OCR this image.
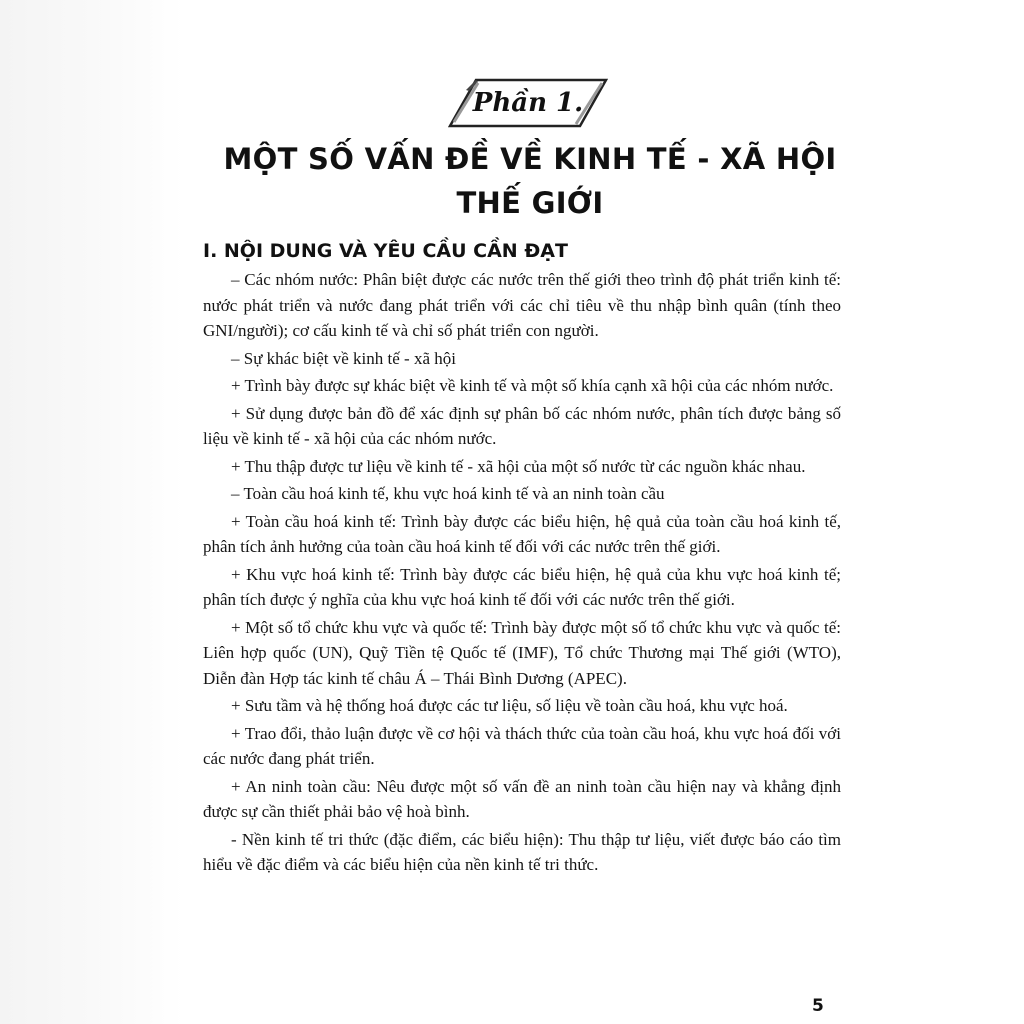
Phần 1.
MỘT SỐ VẤN ĐỀ VỀ KINH TẾ - XÃ HỘI
THẾ GIỚI
I. NỘI DUNG VÀ YÊU CẦU CẦN ĐẠT

– Các nhóm nước: Phân biệt được các nước trên thế giới theo trình độ phát triển kinh tế: nước phát triển và nước đang phát triển với các chỉ tiêu về thu nhập bình quân (tính theo GNI/người); cơ cấu kinh tế và chỉ số phát triển con người.

– Sự khác biệt về kinh tế - xã hội

+ Trình bày được sự khác biệt về kinh tế và một số khía cạnh xã hội của các nhóm nước.

+ Sử dụng được bản đồ để xác định sự phân bố các nhóm nước, phân tích được bảng số liệu về kinh tế - xã hội của các nhóm nước.

+ Thu thập được tư liệu về kinh tế - xã hội của một số nước từ các nguồn khác nhau.

– Toàn cầu hoá kinh tế, khu vực hoá kinh tế và an ninh toàn cầu

+ Toàn cầu hoá kinh tế: Trình bày được các biểu hiện, hệ quả của toàn cầu hoá kinh tế, phân tích ảnh hưởng của toàn cầu hoá kinh tế đối với các nước trên thế giới.

+ Khu vực hoá kinh tế: Trình bày được các biểu hiện, hệ quả của khu vực hoá kinh tế; phân tích được ý nghĩa của khu vực hoá kinh tế đối với các nước trên thế giới.

+ Một số tổ chức khu vực và quốc tế: Trình bày được một số tổ chức khu vực và quốc tế: Liên hợp quốc (UN), Quỹ Tiền tệ Quốc tế (IMF), Tổ chức Thương mại Thế giới (WTO), Diễn đàn Hợp tác kinh tế châu Á – Thái Bình Dương (APEC).

+ Sưu tầm và hệ thống hoá được các tư liệu, số liệu về toàn cầu hoá, khu vực hoá.

+ Trao đổi, thảo luận được về cơ hội và thách thức của toàn cầu hoá, khu vực hoá đối với các nước đang phát triển.

+ An ninh toàn cầu: Nêu được một số vấn đề an ninh toàn cầu hiện nay và khẳng định được sự cần thiết phải bảo vệ hoà bình.

- Nền kinh tế tri thức (đặc điểm, các biểu hiện): Thu thập tư liệu, viết được báo cáo tìm hiểu về đặc điểm và các biểu hiện của nền kinh tế tri thức.

5
